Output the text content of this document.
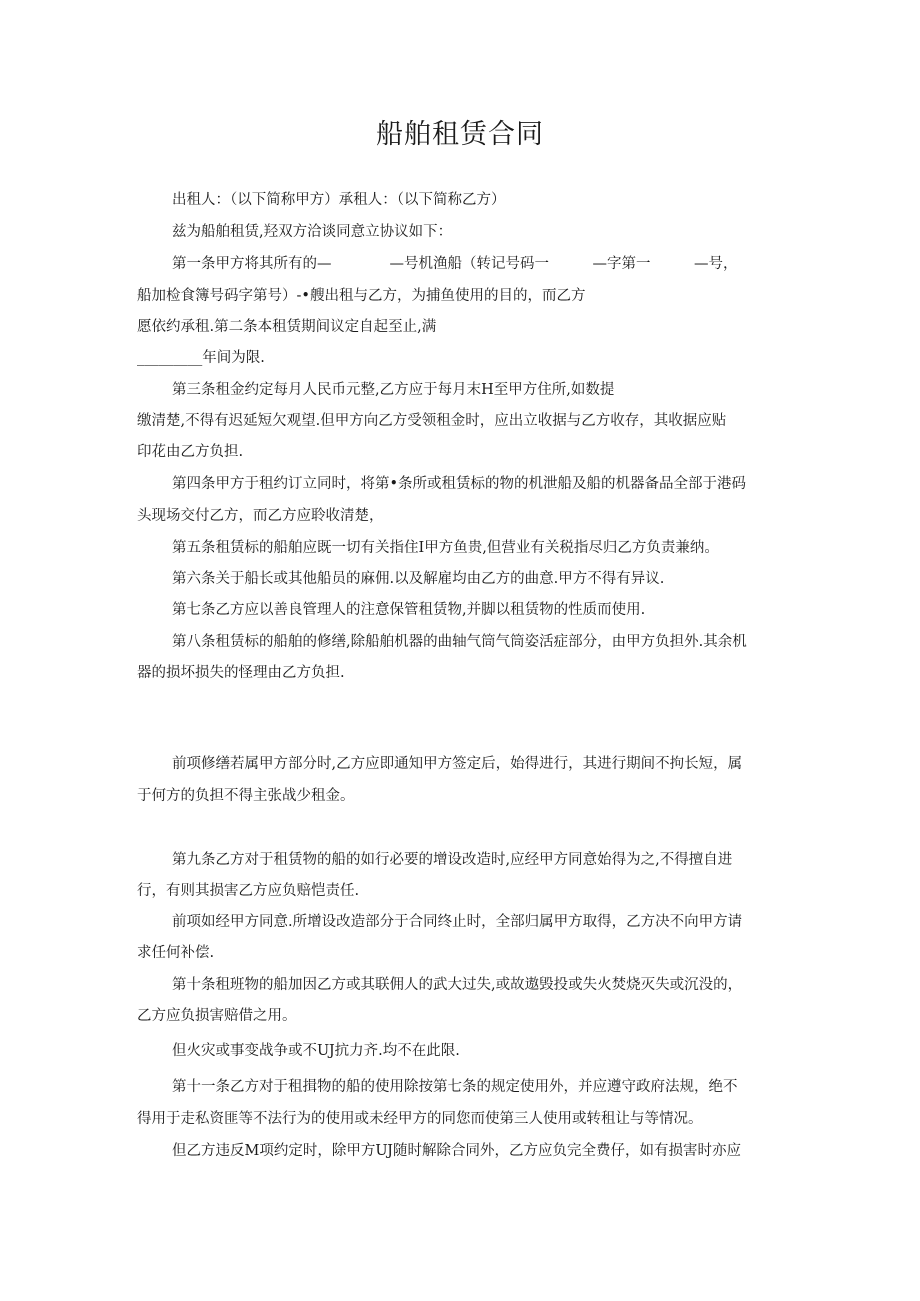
船舶租赁合同
出租人：（以下简称甲方）承租人：（以下简称乙方）
兹为船舶租赁,羟双方洽谈同意立协议如下：
第一条甲方将其所有的—　　　　—号机渔船（转记号码一　　　—字第一　　　—号，
船加检食簿号码字第号）-•艘出租与乙方，为捕鱼使用的目的，而乙方
愿依约承租.第二条本租赁期间议定自起至止,满
_________年间为限.
第三条租金约定每月人民币元整,乙方应于每月末H至甲方住所,如数提
缴清楚,不得有迟延短欠观望.但甲方向乙方受领租金时，应出立收据与乙方收存，其收据应贴
印花由乙方负担.
第四条甲方于租约订立同时，将第•条所或租赁标的物的机泄船及船的机器备品全部于港码
头现场交付乙方，而乙方应聆收清楚，
第五条租赁标的船舶应既一切有关指住I甲方鱼贵,但营业有关税指尽归乙方负责兼纳。
第六条关于船长或其他船员的麻佣.以及解雇均由乙方的曲意.甲方不得有异议.
第七条乙方应以善良管理人的注意保管租赁物,并脚以租赁物的性质而使用.
第八条租赁标的船舶的修缮,除船舶机器的曲轴气筒气筒姿活症部分，由甲方负担外.其余机
器的损坏损失的怪理由乙方负担.
前项修缮若属甲方部分时,乙方应即通知甲方签定后，始得进行，其进行期间不拘长短，属
于何方的负担不得主张战少租金。
第九条乙方对于租赁物的船的如行必要的增设改造时,应经甲方同意始得为之,不得擅自进
行，有则其损害乙方应负赔恺责任.
前项如经甲方同意.所增设改造部分于合同终止时，全部归属甲方取得，乙方决不向甲方请
求任何补偿.
第十条租班物的船加因乙方或其联佣人的武大过失,或故遨毁投或失火焚烧灭失或沉没的，
乙方应负损害赔借之用。
但火灾或事变战争或不UJ抗力齐.均不在此限.
第十一条乙方对于租揖物的船的使用除按第七条的规定使用外，并应遵守政府法规，绝不
得用于走私资匪等不法行为的使用或未经甲方的同您而使第三人使用或转租让与等情况。
但乙方违反M项约定时，除甲方UJ随时解除合同外，乙方应负完全费仔，如有损害时亦应
